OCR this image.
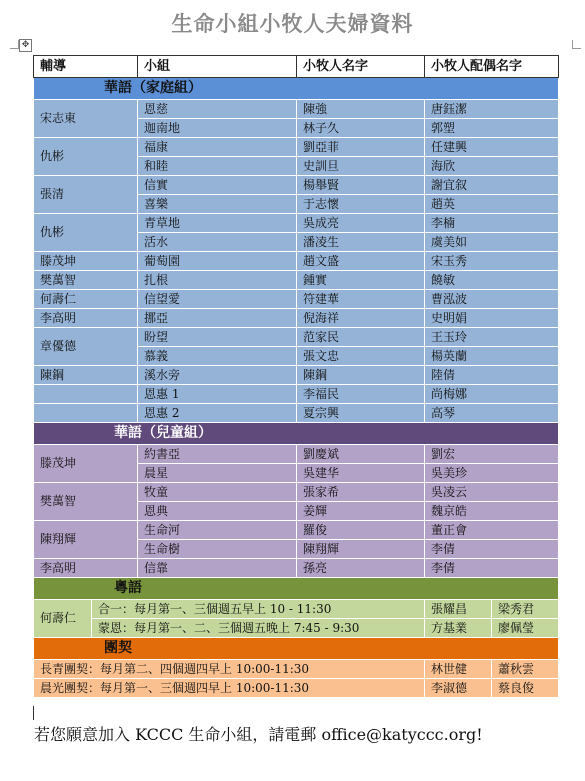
生命小組小牧人夫婦資料
✥
輔導		小組	小牧人名字	小牧人配偶名字	
華語（家庭組）					
宋志東		恩慈	陳強	唐鈺潔	
		迦南地	林子久	郭塑	
仇彬		福康	劉亞菲	任建興	
		和睦	史訓旦	海欣	
張清		信實	楊舉賢	謝宜叙	
		喜樂	于志懷	趙英	
仇彬		青草地	吳成亮	李楠	
		活水	潘凌生	虞美如	
滕茂坤		葡萄園	趙文盛	宋玉秀	
樊萬智		扎根	鍾實	饒敏	
何壽仁		信望愛	符建華	曹泓波	
李高明		挪亞	倪海祥	史明娟	
章優德		盼望	范家民	王玉玲	
		慕義	張文忠	楊英蘭	
陳鋼		溪水旁	陳鋼	陸倩	
		恩惠 1	李福民	尚梅娜	
		恩惠 2	夏宗興	高琴	
華語（兒童組）					
滕茂坤		約書亞	劉慶斌	劉宏	
		晨星	吳建华	吳美珍	
樊萬智		牧童	張家希	吳凌云	
		恩典	姜輝	魏京皓	
陳翔輝		生命河	羅俊	董正會	
		生命樹	陳翔輝	李倩	
李高明		信靠	孫亮	李倩	
粵語					
何壽仁	合一：每月第一、三個週五早上 10 - 11:30			張耀昌	梁秀君
	蒙恩：每月第一、二、三個週五晚上 7:45 - 9:30			方基業	廖佩瑩
團契					
長青團契：每月第二、四個週四早上 10:00-11:30				林世健	蕭秋雲
晨光團契：每月第一、三個週四早上 10:00-11:30				李淑德	蔡良俊
若您願意加入 KCCC 生命小組，請電郵 office@katyccc.org!
